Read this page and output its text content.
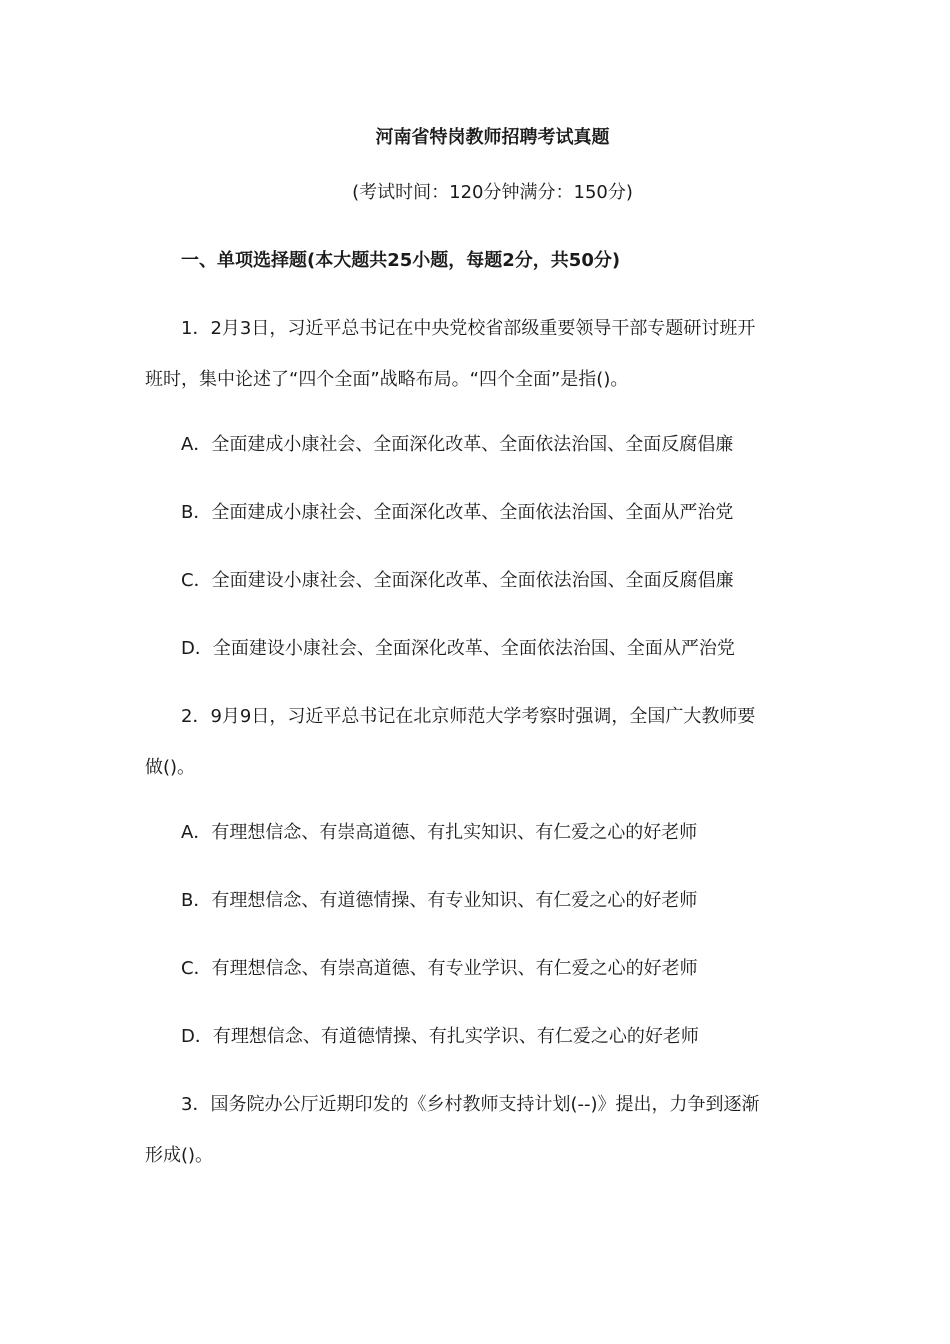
河南省特岗教师招聘考试真题
(考试时间：120分钟满分：150分)
一、单项选择题(本大题共25小题，每题2分，共50分)
1．2月3日，习近平总书记在中央党校省部级重要领导干部专题研讨班开
班时，集中论述了“四个全面”战略布局。“四个全面”是指()。
A．全面建成小康社会、全面深化改革、全面依法治国、全面反腐倡廉
B．全面建成小康社会、全面深化改革、全面依法治国、全面从严治党
C．全面建设小康社会、全面深化改革、全面依法治国、全面反腐倡廉
D．全面建设小康社会、全面深化改革、全面依法治国、全面从严治党
2．9月9日，习近平总书记在北京师范大学考察时强调，全国广大教师要
做()。
A．有理想信念、有崇高道德、有扎实知识、有仁爱之心的好老师
B．有理想信念、有道德情操、有专业知识、有仁爱之心的好老师
C．有理想信念、有崇高道德、有专业学识、有仁爱之心的好老师
D．有理想信念、有道德情操、有扎实学识、有仁爱之心的好老师
3．国务院办公厅近期印发的《乡村教师支持计划(--)》提出，力争到逐渐
形成()。
